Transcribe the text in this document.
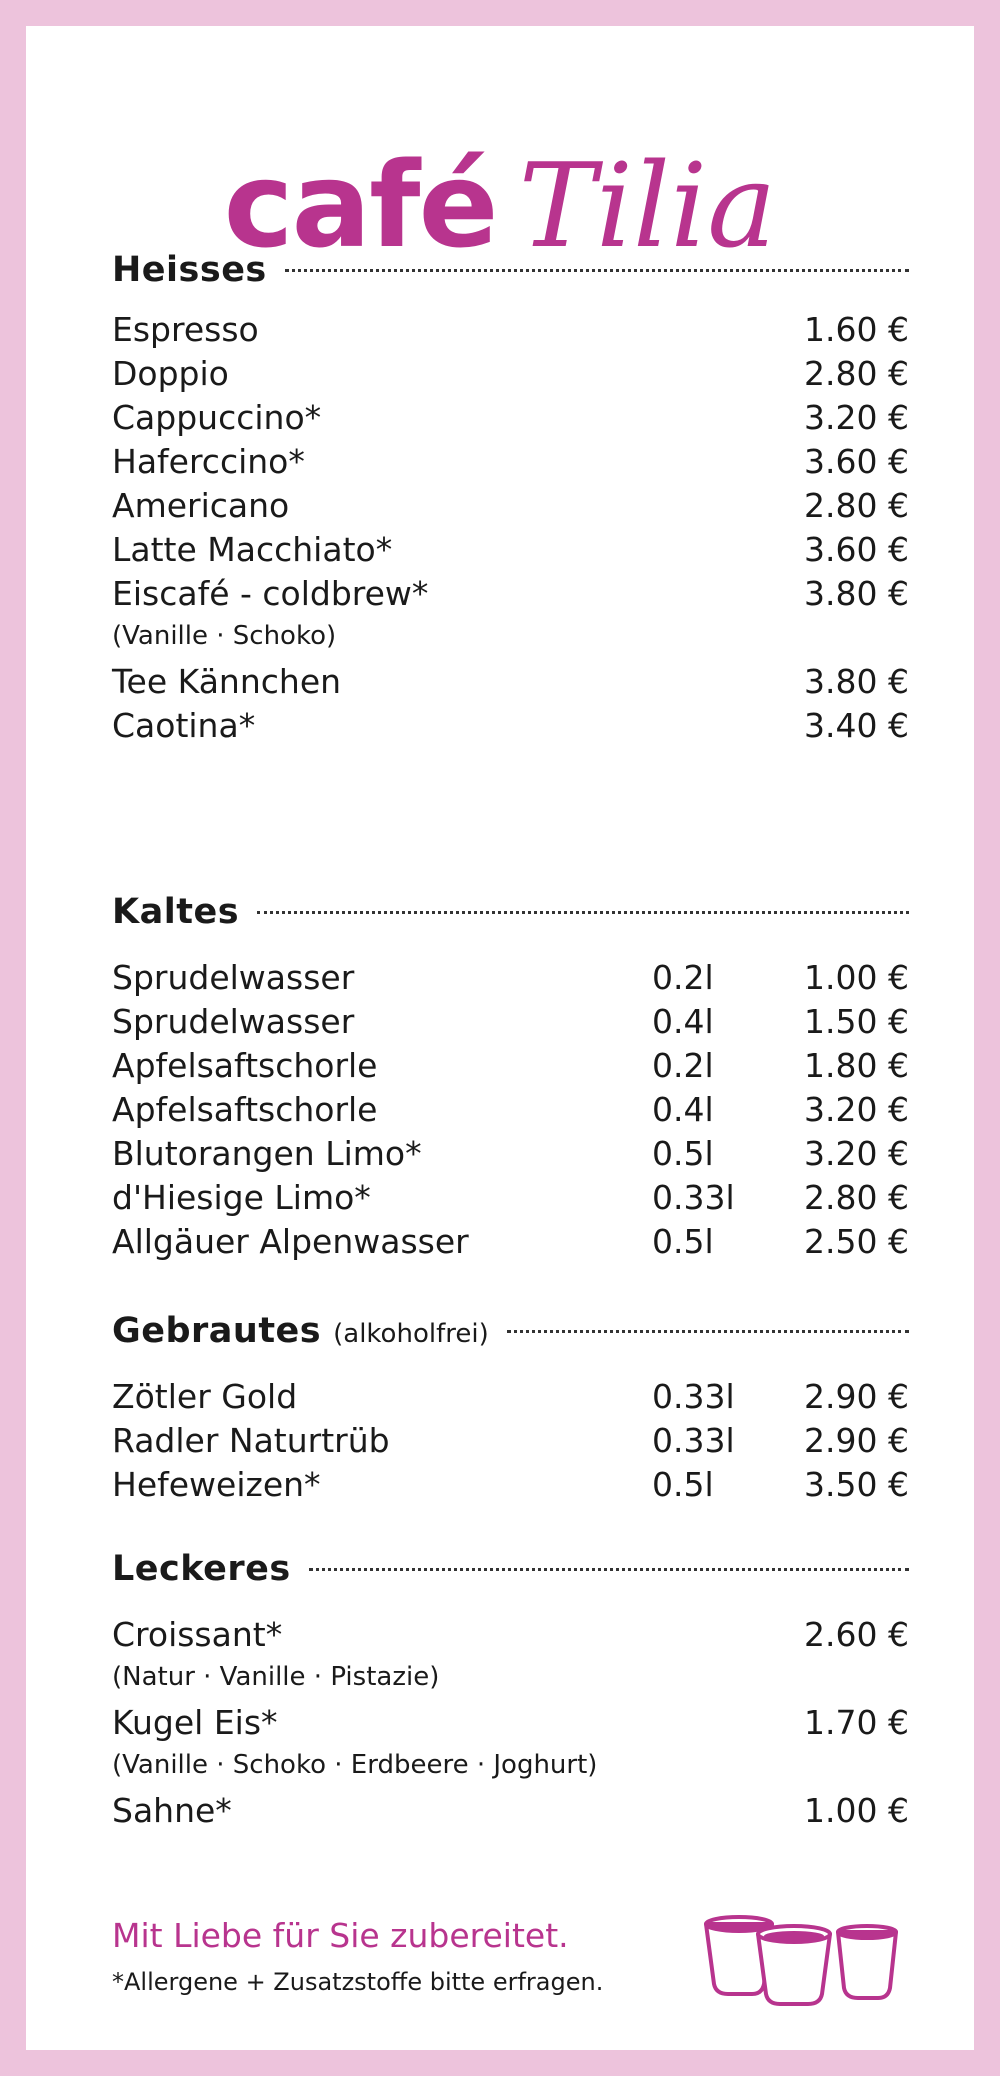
café Tilia
Heisses
Espresso	1.60 €
Doppio	2.80 €
Cappuccino*	3.20 €
Haferccino*	3.60 €
Americano	2.80 €
Latte Macchiato*	3.60 €
Eiscafé - coldbrew*	3.80 €
(Vanille · Schoko)
Tee Kännchen	3.80 €
Caotina*	3.40 €
Kaltes
Sprudelwasser	0.2l	1.00 €
Sprudelwasser	0.4l	1.50 €
Apfelsaftschorle	0.2l	1.80 €
Apfelsaftschorle	0.4l	3.20 €
Blutorangen Limo*	0.5l	3.20 €
d'Hiesige Limo*	0.33l 2.80 €
Allgäuer Alpenwasser	0.5l	2.50 €
Gebrautes (alkoholfrei)
Zötler Gold	0.33l 2.90 €
Radler Naturtrüb	0.33l 2.90 €
Hefeweizen*	0.5l	3.50 €
Leckeres
Croissant*	2.60 €
(Natur · Vanille · Pistazie)
Kugel Eis*	1.70 €
(Vanille · Schoko · Erdbeere · Joghurt)
Sahne*	1.00 €
Mit Liebe für Sie zubereitet.
*Allergene + Zusatzstoffe bitte erfragen.
